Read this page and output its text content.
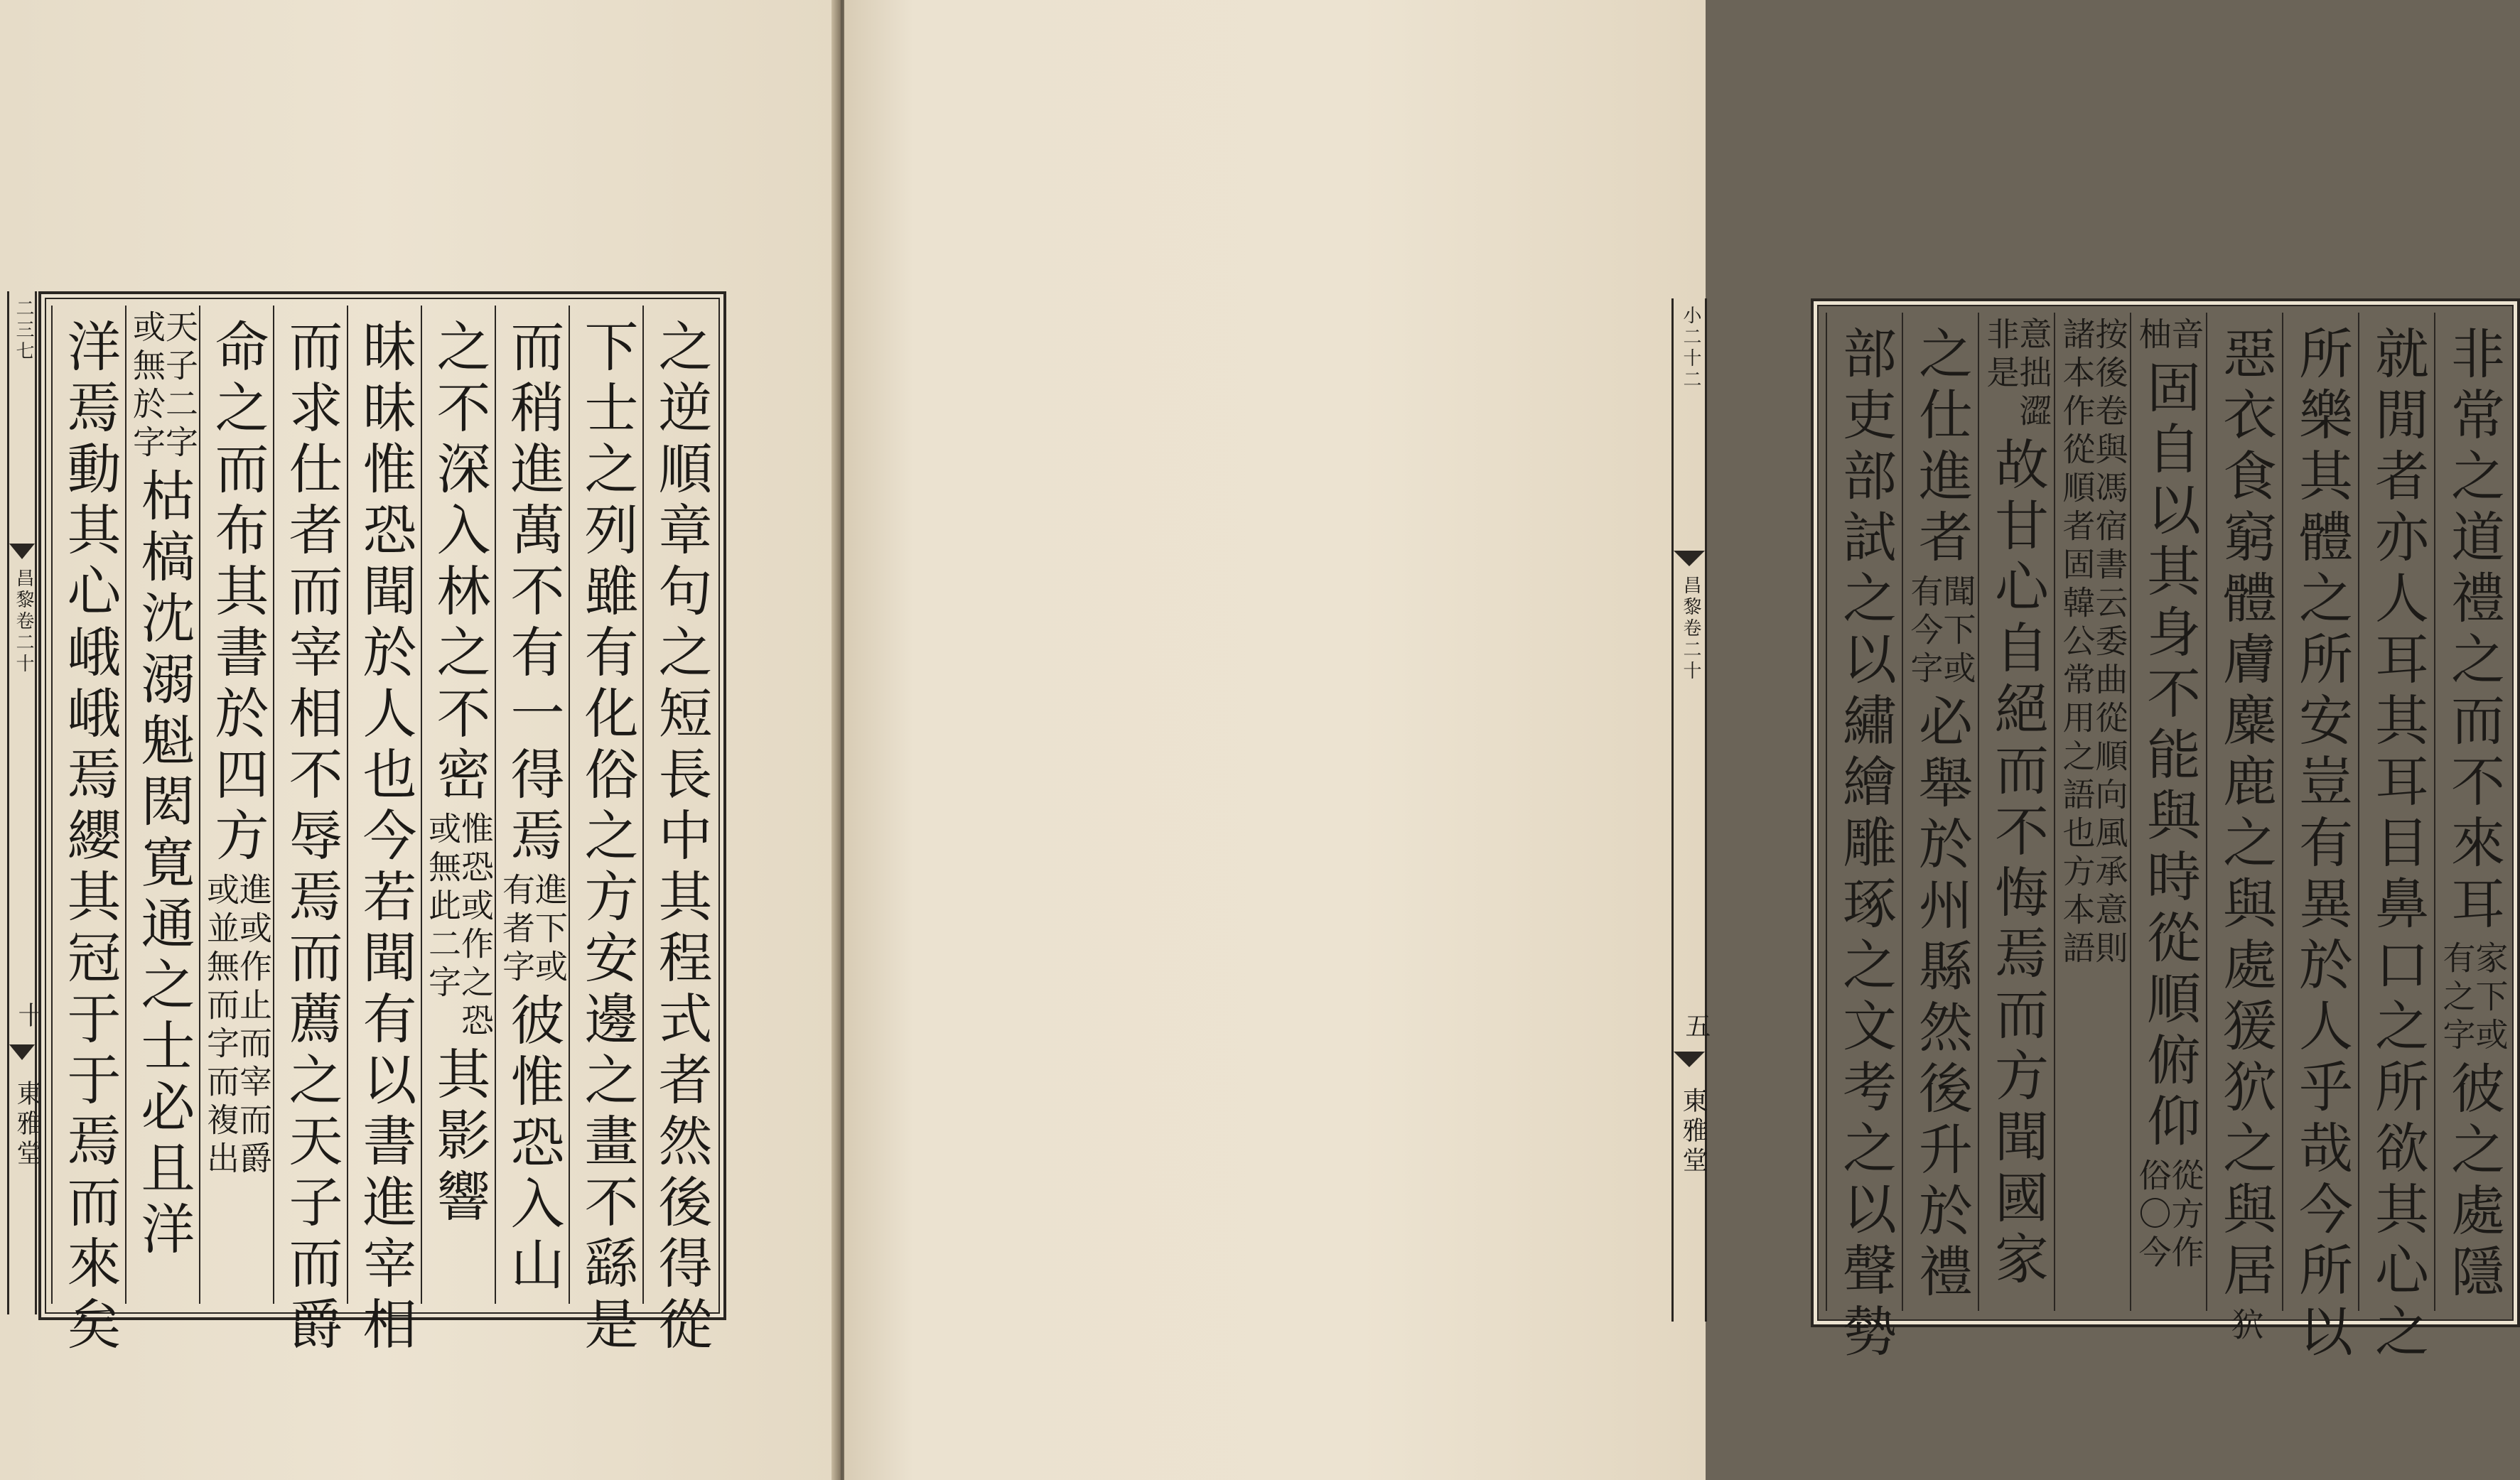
二三七
昌黎卷二十
十
東雅堂	之逆順章句之短長中其程式者然後得從
下士之列雖有化俗之方安邊之畫不繇是
而稍進萬不有一得焉
進下或
有者字
彼惟恐入山
之不深入林之不密
惟恐或作之恐
或無此二字
其影響
昧昧惟恐聞於人也今若聞有以書進宰相
而求仕者而宰相不辱焉而薦之天子而爵
命之而布其書於四方
進或作止而宰而爵
或並無而字而複出
天子二字
或無於字
枯槁沈溺魁閎寛通之士必且洋
洋焉動其心峨峨焉纓其冠于于焉而來矣	非常之道禮之而不來耳
家下或
有之字
彼之處隱
就閒者亦人耳其耳目鼻口之所欲其心之
所樂其體之所安豈有異於人乎哉今所以
惡衣食窮體膚麋鹿之與處猨狖之與居
狖
音
柚
固自以其身不能與時從順俯仰
從方作
俗〇今
按後卷與馮宿書云委曲從順向風承意則
諸本作從順者固韓公常用之語也方本語
意拙澀
非是
故甘心自絕而不悔焉而方聞國家
之仕進者
聞下或
有今字
必舉於州縣然後升於禮
部吏部試之以繡繪雕琢之文考之以聲勢
小二十二
昌黎卷二十
五
東雅堂
